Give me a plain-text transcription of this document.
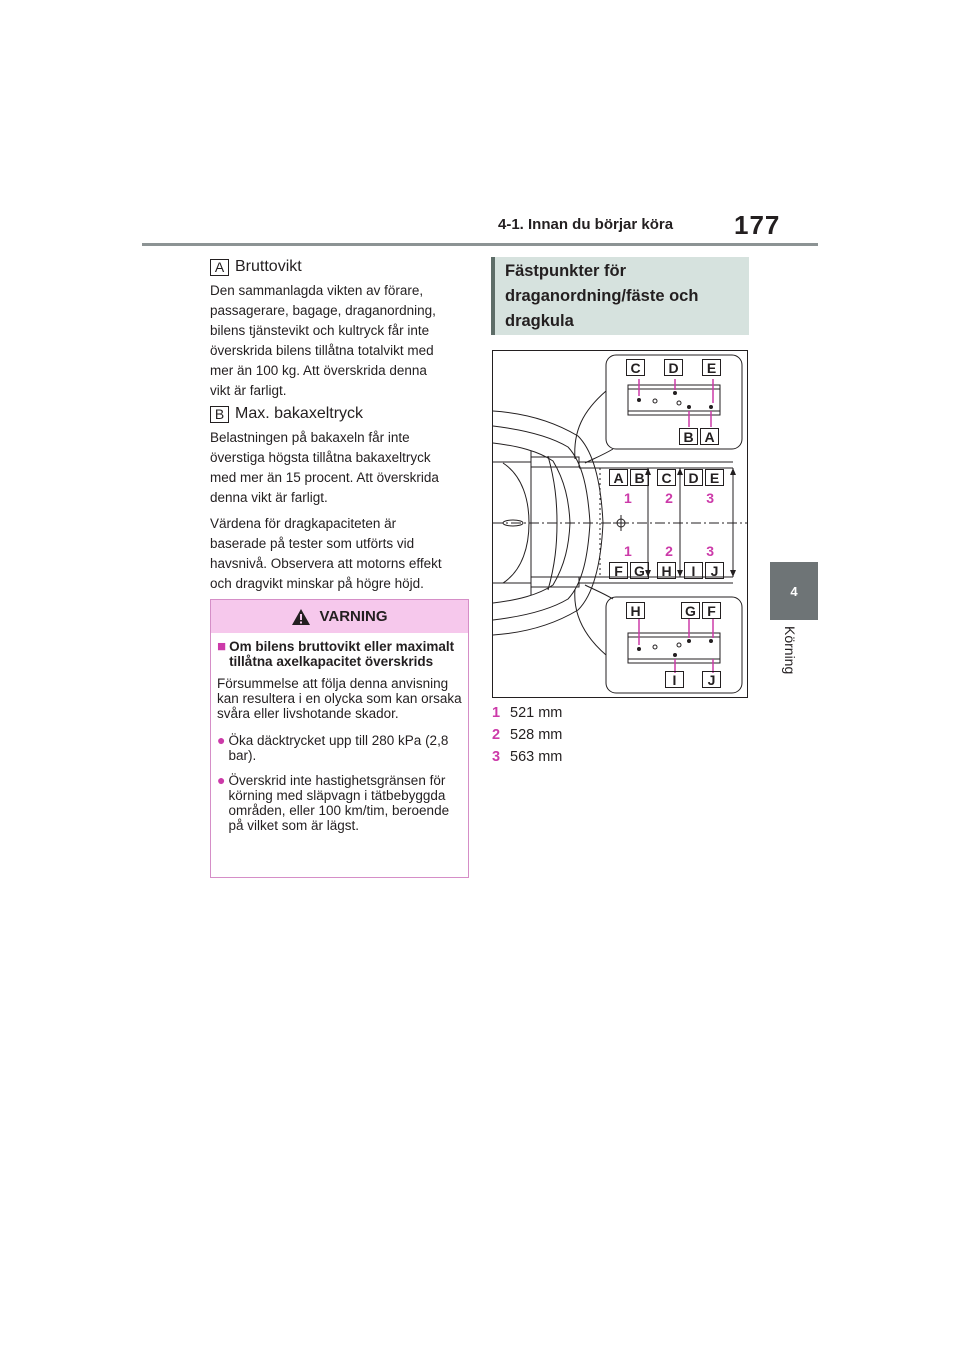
4-1. Innan du börjar köra 177
4
Körning
A Bruttovikt

Den sammanlagda vikten av förare, passagerare, bagage, draganordning, bilens tjänstevikt och kultryck får inte överskrida bilens tillåtna totalvikt med mer än 100 kg. Att överskrida denna vikt är farligt.

B Max. bakaxeltryck

Belastningen på bakaxeln får inte överstiga högsta tillåtna bakaxeltryck med mer än 15 procent. Att överskrida denna vikt är farligt.

Värdena för dragkapaciteten är baserade på tester som utförts vid havsnivå. Observera att motorns effekt och dragvikt minskar på högre höjd.

VARNING
■ Om bilens bruttovikt eller maximalt tillåtna axelkapacitet överskrids
Försummelse att följa denna anvisning kan resultera i en olycka som kan orsaka svåra eller livshotande skador.
● Öka däcktrycket upp till 280 kPa (2,8 bar).
● Överskrid inte hastighetsgränsen för körning med släpvagn i tätbebyggda områden, eller 100 km/tim, beroende på vilket som är lägst.
Fästpunkter för draganordning/fäste och dragkula
C	D	E
B A
A B	C	D E
1 2 3
1 2 3
F G	H	I	J
H	G F
I	J
1 521 mm
2 528 mm
3 563 mm
